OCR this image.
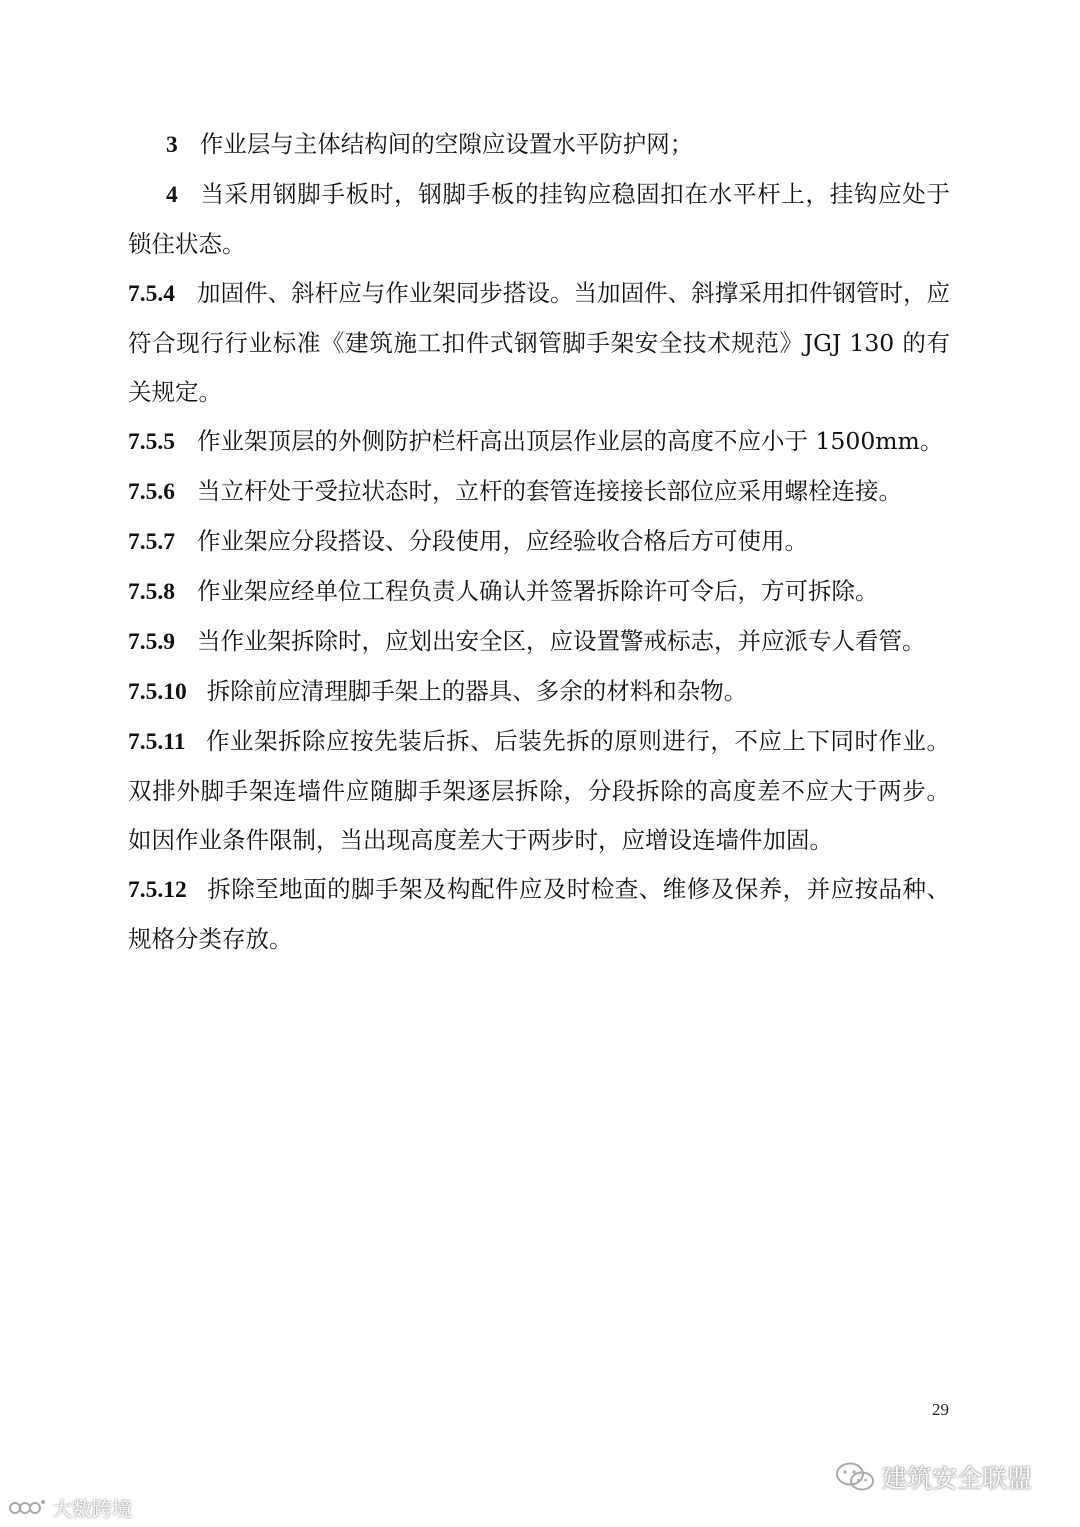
3 作业层与主体结构间的空隙应设置水平防护网；

4 当采用钢脚手板时，钢脚手板的挂钩应稳固扣在水平杆上，挂钩应处于锁住状态。

7.5.4 加固件、斜杆应与作业架同步搭设。当加固件、斜撑采用扣件钢管时，应符合现行行业标准《建筑施工扣件式钢管脚手架安全技术规范》JGJ 130 的有关规定。

7.5.5 作业架顶层的外侧防护栏杆高出顶层作业层的高度不应小于 1500mm。

7.5.6 当立杆处于受拉状态时，立杆的套管连接接长部位应采用螺栓连接。

7.5.7 作业架应分段搭设、分段使用，应经验收合格后方可使用。

7.5.8 作业架应经单位工程负责人确认并签署拆除许可令后，方可拆除。

7.5.9 当作业架拆除时，应划出安全区，应设置警戒标志，并应派专人看管。

7.5.10 拆除前应清理脚手架上的器具、多余的材料和杂物。

7.5.11 作业架拆除应按先装后拆、后装先拆的原则进行，不应上下同时作业。双排外脚手架连墙件应随脚手架逐层拆除，分段拆除的高度差不应大于两步。如因作业条件限制，当出现高度差大于两步时，应增设连墙件加固。

7.5.12 拆除至地面的脚手架及构配件应及时检查、维修及保养，并应按品种、规格分类存放。

29
建筑安全联盟
大数跨境
